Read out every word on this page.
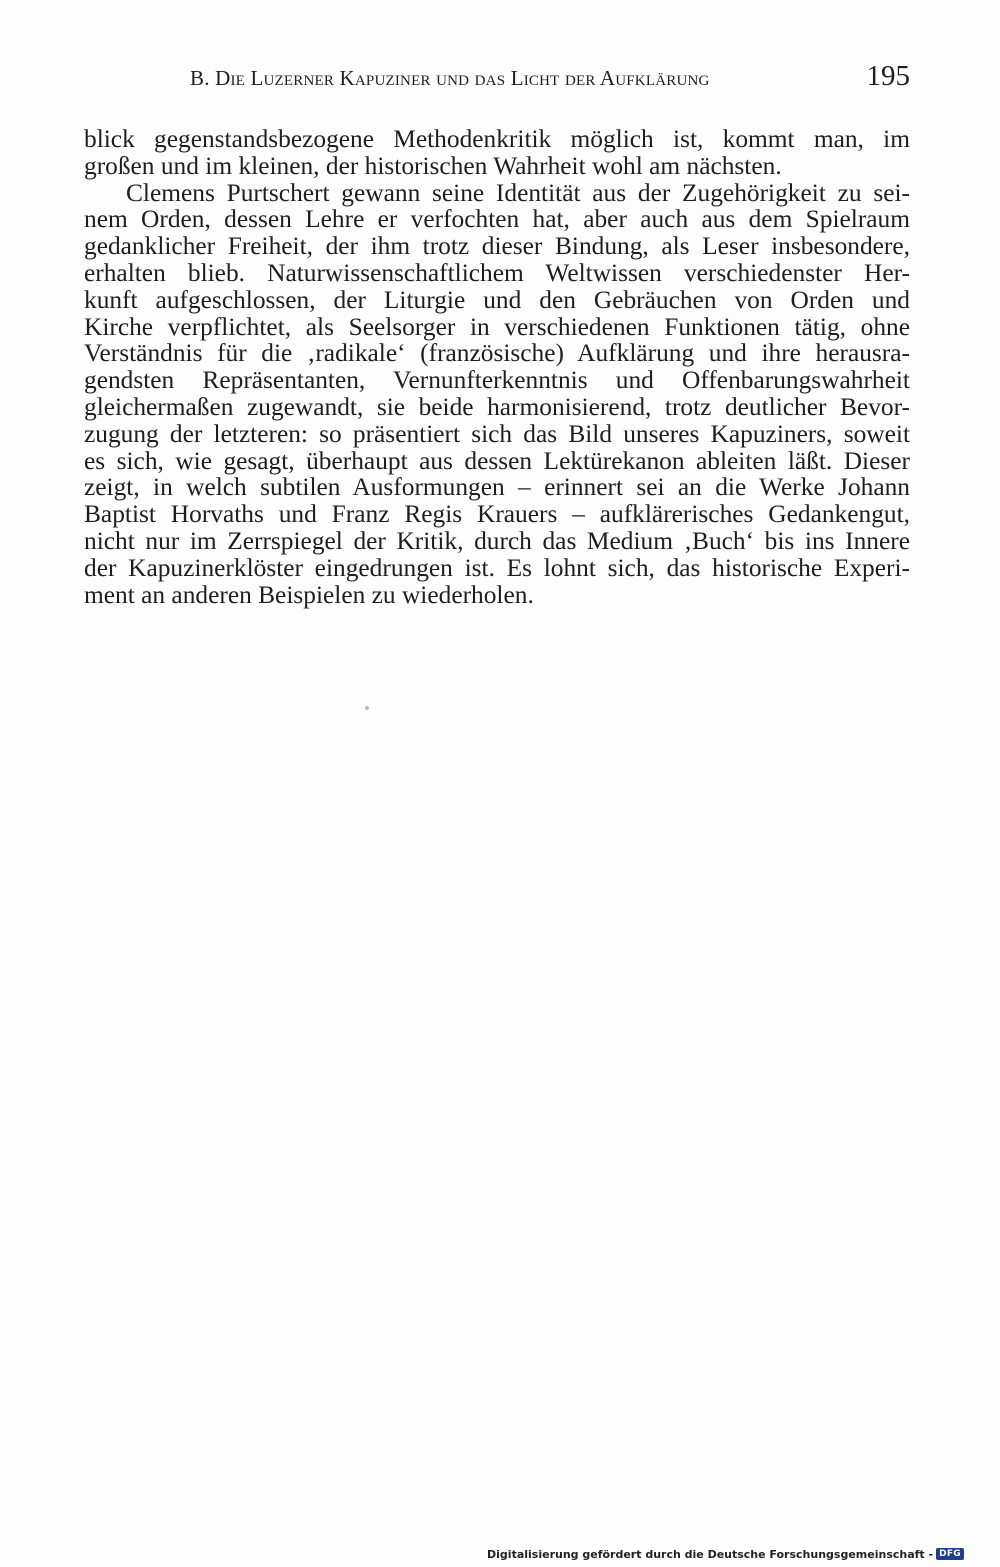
B. Die Luzerner Kapuziner und das Licht der Aufklärung	195
blick gegenstandsbezogene Methodenkritik möglich ist, kommt man, im
großen und im kleinen, der historischen Wahrheit wohl am nächsten.
Clemens Purtschert gewann seine Identität aus der Zugehörigkeit zu sei-
nem Orden, dessen Lehre er verfochten hat, aber auch aus dem Spielraum
gedanklicher Freiheit, der ihm trotz dieser Bindung, als Leser insbesondere,
erhalten blieb. Naturwissenschaftlichem Weltwissen verschiedenster Her-
kunft aufgeschlossen, der Liturgie und den Gebräuchen von Orden und
Kirche verpflichtet, als Seelsorger in verschiedenen Funktionen tätig, ohne
Verständnis für die ‚radikale‘ (französische) Aufklärung und ihre herausra-
gendsten Repräsentanten, Vernunfterkenntnis und Offenbarungswahrheit
gleichermaßen zugewandt, sie beide harmonisierend, trotz deutlicher Bevor-
zugung der letzteren: so präsentiert sich das Bild unseres Kapuziners, soweit
es sich, wie gesagt, überhaupt aus dessen Lektürekanon ableiten läßt. Dieser
zeigt, in welch subtilen Ausformungen – erinnert sei an die Werke Johann
Baptist Horvaths und Franz Regis Krauers – aufklärerisches Gedankengut,
nicht nur im Zerrspiegel der Kritik, durch das Medium ‚Buch‘ bis ins Innere
der Kapuzinerklöster eingedrungen ist. Es lohnt sich, das historische Experi-
ment an anderen Beispielen zu wiederholen.
Digitalisierung gefördert durch die Deutsche Forschungsgemeinschaft - DFG
